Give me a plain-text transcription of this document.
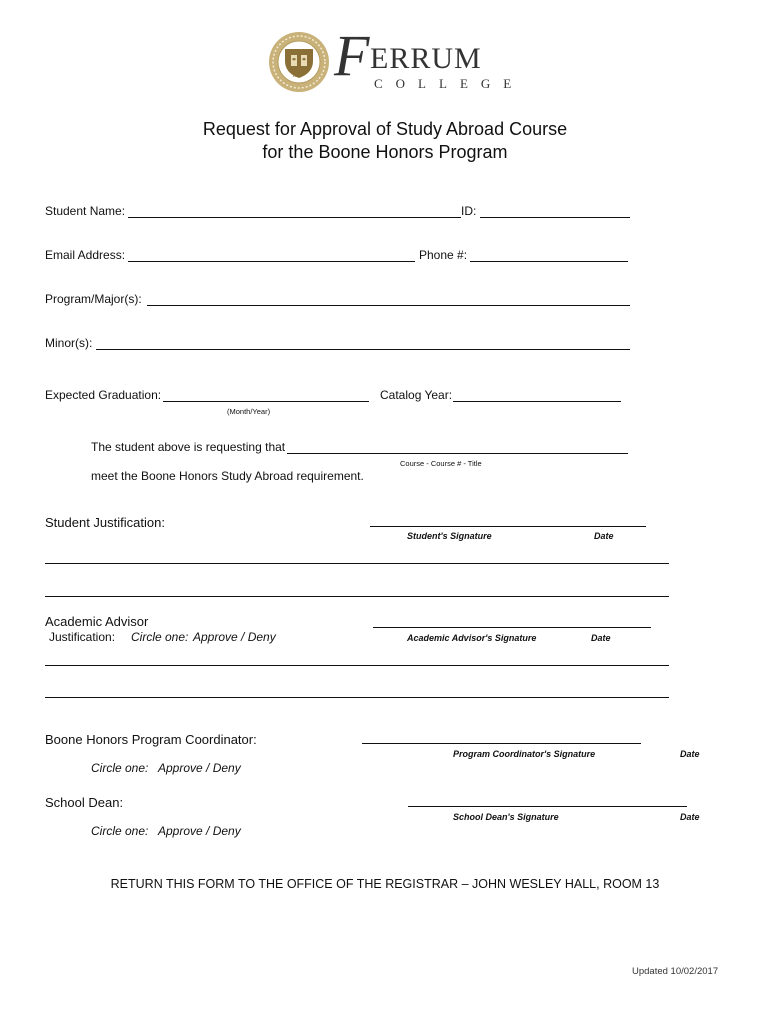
1913 F ERRUM
COLLEGE
Request for Approval of Study Abroad Course
for the Boone Honors Program
Student Name:	ID:
Email Address:	Phone #:
Program/Major(s):
Minor(s):
Expected Graduation:
(Month/Year)
Catalog Year:
The student above is requesting that
Course - Course # - Title
meet the Boone Honors Study Abroad requirement.
Student Justification:
Student's Signature	Date
Academic Advisor
Justification: Circle one: Approve / Deny	Academic Advisor's Signature	Date
Boone Honors Program Coordinator:
Program Coordinator's Signature	Date
Circle one: Approve / Deny
School Dean:
School Dean's Signature	Date
Circle one: Approve / Deny
RETURN THIS FORM TO THE OFFICE OF THE REGISTRAR – JOHN WESLEY HALL, ROOM 13
Updated 10/02/2017
